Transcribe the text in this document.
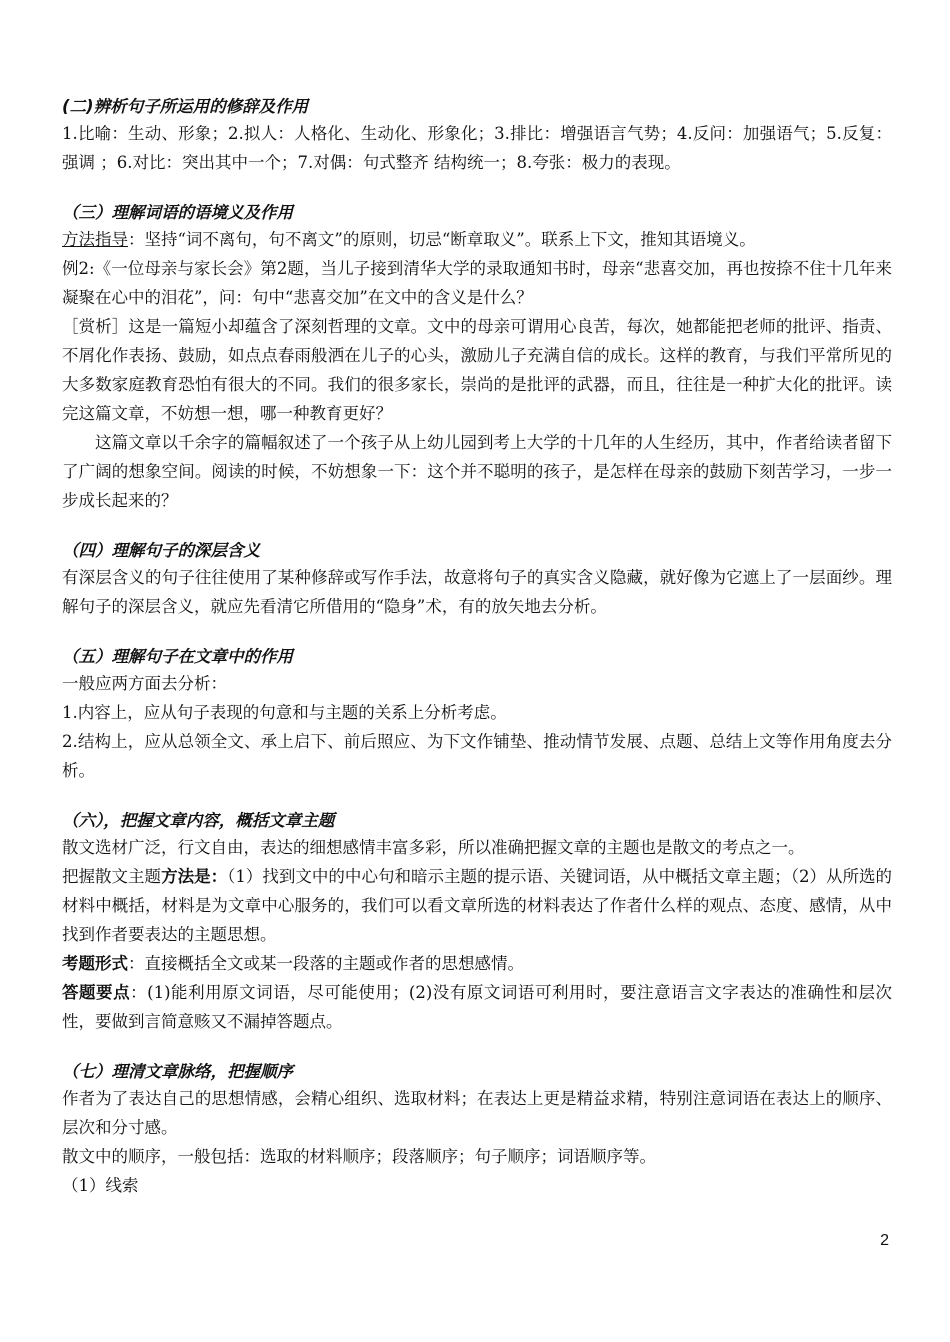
(二)辨析句子所运用的修辞及作用

1.比喻：生动、形象；2.拟人：人格化、生动化、形象化；3.排比：增强语言气势；4.反问：加强语气；5.反复：强调 ；6.对比：突出其中一个；7.对偶：句式整齐 结构统一；8.夸张：极力的表现。

（三）理解词语的语境义及作用

方法指导：坚持“词不离句，句不离文”的原则，切忌“断章取义”。联系上下文，推知其语境义。

例2:《一位母亲与家长会》第2题，当儿子接到清华大学的录取通知书时，母亲“悲喜交加，再也按捺不住十几年来凝聚在心中的泪花”，问：句中“悲喜交加”在文中的含义是什么？

［赏析］这是一篇短小却蕴含了深刻哲理的文章。文中的母亲可谓用心良苦，每次，她都能把老师的批评、指责、不屑化作表扬、鼓励，如点点春雨般洒在儿子的心头，激励儿子充满自信的成长。这样的教育，与我们平常所见的大多数家庭教育恐怕有很大的不同。我们的很多家长，崇尚的是批评的武器，而且，往往是一种扩大化的批评。读完这篇文章，不妨想一想，哪一种教育更好？

这篇文章以千余字的篇幅叙述了一个孩子从上幼儿园到考上大学的十几年的人生经历，其中，作者给读者留下了广阔的想象空间。阅读的时候，不妨想象一下：这个并不聪明的孩子，是怎样在母亲的鼓励下刻苦学习，一步一步成长起来的？

（四）理解句子的深层含义

有深层含义的句子往往使用了某种修辞或写作手法，故意将句子的真实含义隐藏，就好像为它遮上了一层面纱。理解句子的深层含义，就应先看清它所借用的“隐身”术，有的放矢地去分析。

（五）理解句子在文章中的作用

一般应两方面去分析：

1.内容上，应从句子表现的句意和与主题的关系上分析考虑。

2.结构上，应从总领全文、承上启下、前后照应、为下文作铺垫、推动情节发展、点题、总结上文等作用角度去分析。

（六），把握文章内容，概括文章主题

散文选材广泛，行文自由，表达的细想感情丰富多彩，所以准确把握文章的主题也是散文的考点之一。

把握散文主题方法是：（1）找到文中的中心句和暗示主题的提示语、关键词语，从中概括文章主题；（2）从所选的材料中概括，材料是为文章中心服务的，我们可以看文章所选的材料表达了作者什么样的观点、态度、感情，从中找到作者要表达的主题思想。

考题形式：直接概括全文或某一段落的主题或作者的思想感情。

答题要点：(1)能利用原文词语，尽可能使用；(2)没有原文词语可利用时，要注意语言文字表达的准确性和层次性，要做到言简意赅又不漏掉答题点。

（七）理清文章脉络，把握顺序

作者为了表达自己的思想情感，会精心组织、选取材料；在表达上更是精益求精，特别注意词语在表达上的顺序、层次和分寸感。

散文中的顺序，一般包括：选取的材料顺序；段落顺序；句子顺序；词语顺序等。

（1）线索

2
